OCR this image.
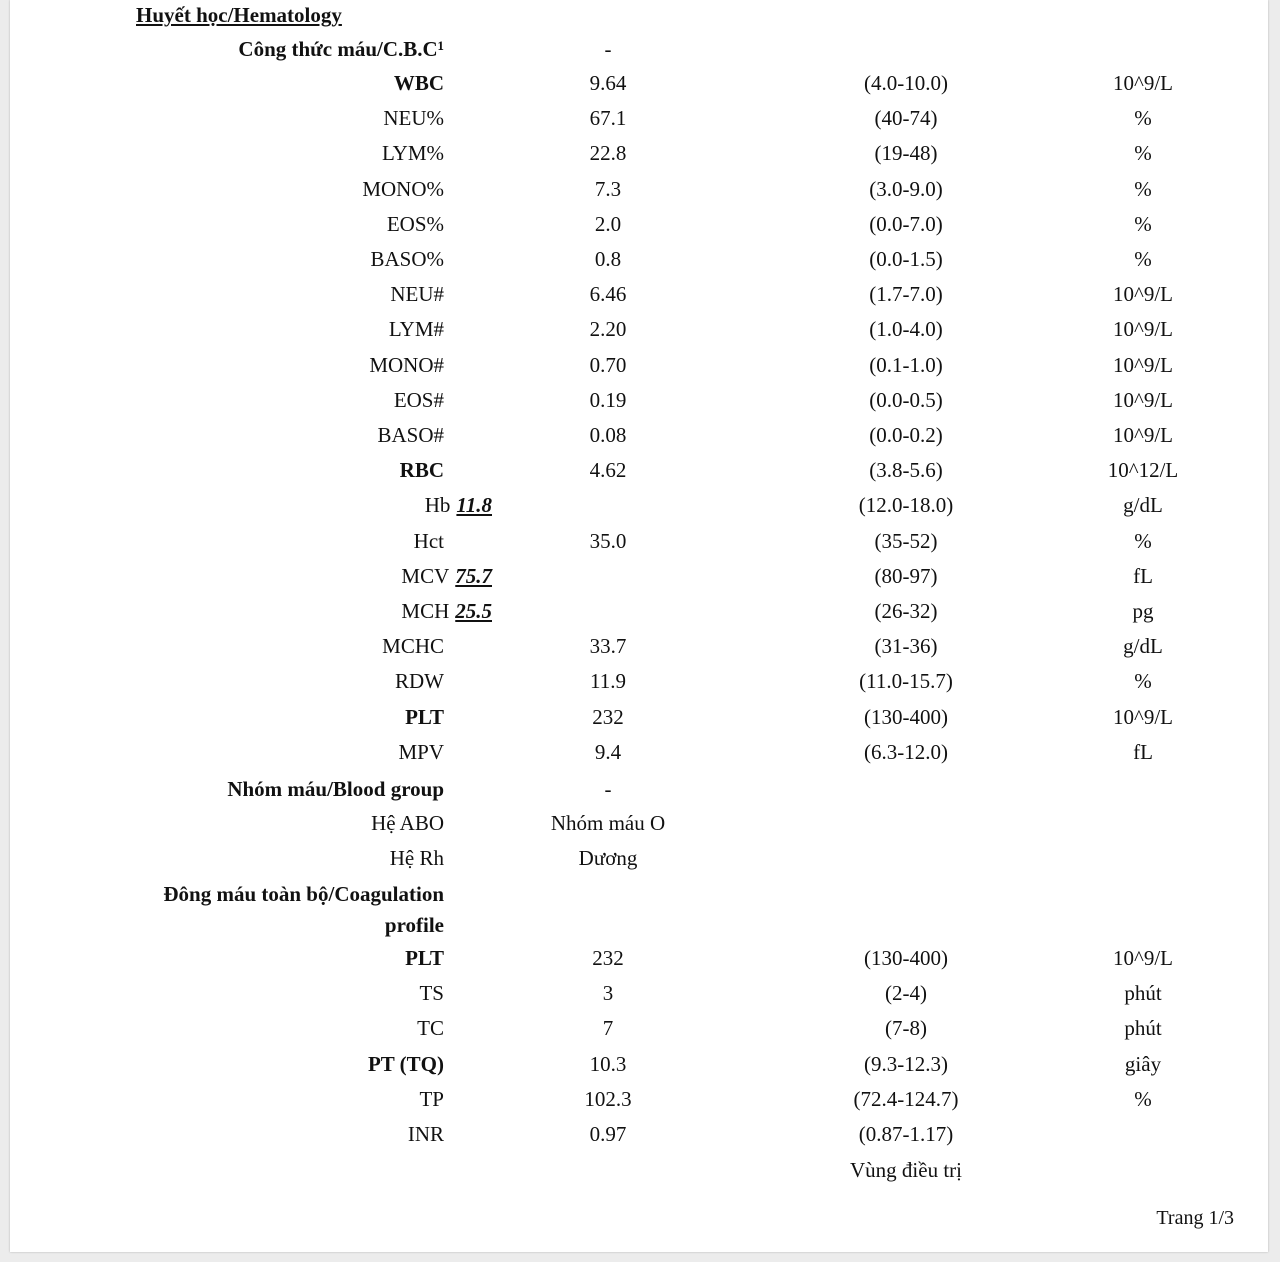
Huyết học/Hematology
Công thức máu/C.B.C¹	-
WBC	9.64	(4.0-10.0)	10^9/L
NEU%	67.1	(40-74)	%
LYM%	22.8	(19-48)	%
MONO%	7.3	(3.0-9.0)	%
EOS%	2.0	(0.0-7.0)	%
BASO%	0.8	(0.0-1.5)	%
NEU#	6.46	(1.7-7.0)	10^9/L
LYM#	2.20	(1.0-4.0)	10^9/L
MONO#	0.70	(0.1-1.0)	10^9/L
EOS#	0.19	(0.0-0.5)	10^9/L
BASO#	0.08	(0.0-0.2)	10^9/L
RBC	4.62	(3.8-5.6)	10^12/L
Hb 11.8	(12.0-18.0)	g/dL
Hct	35.0	(35-52)	%
MCV 75.7	(80-97)	fL
MCH 25.5	(26-32)	pg
MCHC	33.7	(31-36)	g/dL
RDW	11.9	(11.0-15.7)	%
PLT	232	(130-400)	10^9/L
MPV	9.4	(6.3-12.0)	fL
Nhóm máu/Blood group	-
Hệ ABO	Nhóm máu O
Hệ Rh	Dương
Đông máu toàn bộ/Coagulation
profile
PLT	232	(130-400)	10^9/L
TS	3	(2-4)	phút
TC	7	(7-8)	phút
PT (TQ)	10.3	(9.3-12.3)	giây
TP	102.3	(72.4-124.7)	%
INR	0.97	(0.87-1.17)
Vùng điều trị
Trang 1/3
